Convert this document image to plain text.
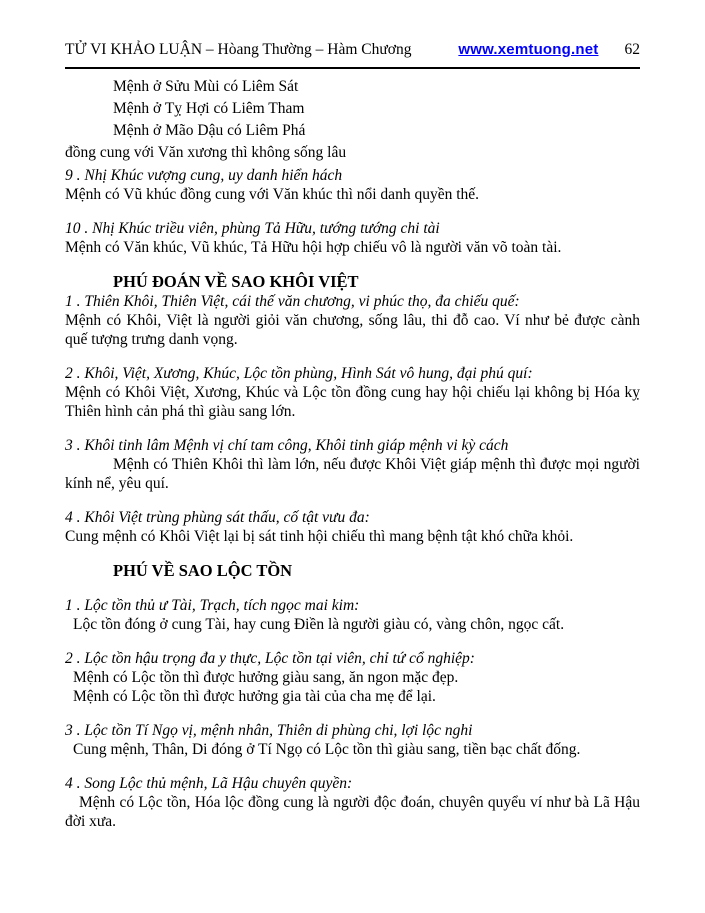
TỬ VI KHẢO LUẬN – Hòang Thường – Hàm Chương	www.xemtuong.net 62
Mệnh ở Sửu Mùi có Liêm Sát
Mệnh ở Tỵ Hợi có Liêm Tham
Mệnh ở Mão Dậu có Liêm Phá
đồng cung với Văn xương thì không sống lâu
9 . Nhị Khúc vượng cung, uy danh hiển hách
Mệnh có Vũ khúc đồng cung với Văn khúc thì nổi danh quyền thế.
10 . Nhị Khúc triều viên, phùng Tả Hữu, tướng tướng chi tài
Mệnh có Văn khúc, Vũ khúc, Tả Hữu hội hợp chiếu vô là người văn võ toàn tài.
PHÚ ĐOÁN VỀ SAO KHÔI VIỆT
1 . Thiên Khôi, Thiên Việt, cái thế văn chương, vi phúc thọ, đa chiếu quế:
Mệnh có Khôi, Việt là người giỏi văn chương, sống lâu, thi đỗ cao. Ví như bẻ được cành quế tượng trưng danh vọng.
2 . Khôi, Việt, Xương, Khúc, Lộc tồn phùng, Hình Sát vô hung, đại phú quí:
Mệnh có Khôi Việt, Xương, Khúc và Lộc tồn đồng cung hay hội chiếu lại không bị Hóa kỵ Thiên hình cản phá thì giàu sang lớn.
3 . Khôi tinh lâm Mệnh vị chí tam công, Khôi tinh giáp mệnh vi kỳ cách
Mệnh có Thiên Khôi thì làm lớn, nếu được Khôi Việt giáp mệnh thì được mọi người kính nể, yêu quí.
4 . Khôi Việt trùng phùng sát thấu, cố tật vưu đa:
Cung mệnh có Khôi Việt lại bị sát tinh hội chiếu thì mang bệnh tật khó chữa khỏi.
PHÚ VỀ SAO LỘC TỒN
1 . Lộc tồn thủ ư Tài, Trạch, tích ngọc mai kim:
Lộc tồn đóng ở cung Tài, hay cung Điền là người giàu có, vàng chôn, ngọc cất.
2 . Lộc tồn hậu trọng đa y thực, Lộc tồn tại viên, chỉ tứ cổ nghiệp:
Mệnh có Lộc tồn thì được hưởng giàu sang, ăn ngon mặc đẹp.
Mệnh có Lộc tồn thì được hưởng gia tài của cha mẹ để lại.
3 . Lộc tồn Tí Ngọ vị, mệnh nhân, Thiên di phùng chi, lợi lộc nghi
Cung mệnh, Thân, Di đóng ở Tí Ngọ có Lộc tồn thì giàu sang, tiền bạc chất đống.
4 . Song Lộc thủ mệnh, Lã Hậu chuyên quyền:
Mệnh có Lộc tồn, Hóa lộc đồng cung là người độc đoán, chuyên quyểu ví như bà Lã Hậu đời xưa.
